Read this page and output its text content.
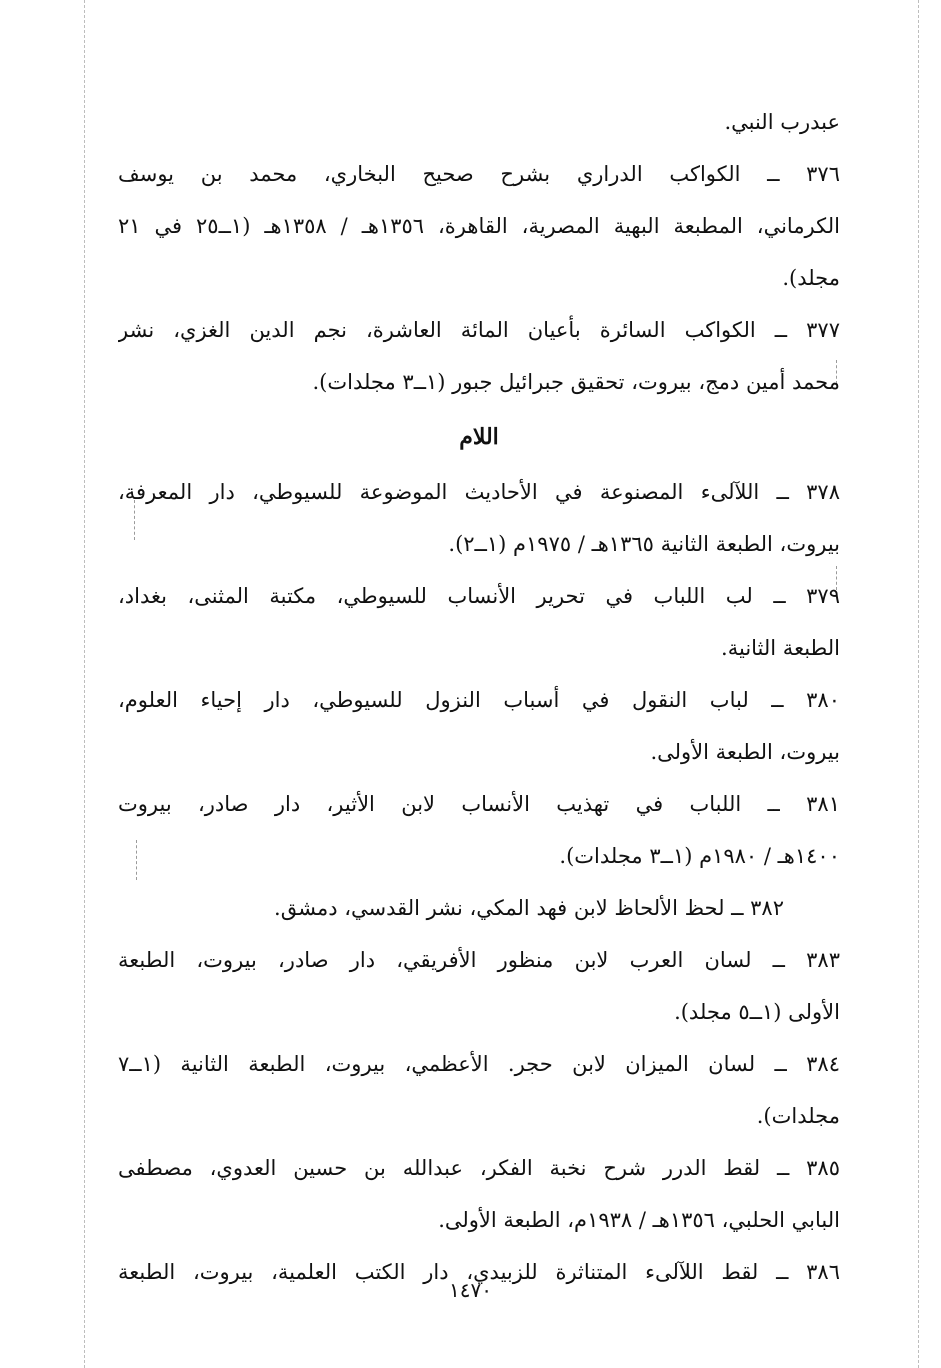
عبدرب النبي.
٣٧٦ ــ الكواكب الدراري بشرح صحيح البخاري، محمد بن يوسف
الكرماني، المطبعة البهية المصرية، القاهرة، ١٣٥٦هـ / ١٣٥٨هـ (١ــ٢٥ في ٢١
مجلد).
٣٧٧ ــ الكواكب السائرة بأعيان المائة العاشرة، نجم الدين الغزي، نشر
محمد أمين دمج، بيروت، تحقيق جبرائيل جبور (١ــ٣ مجلدات).
اللام
٣٧٨ ــ اللآلىء المصنوعة في الأحاديث الموضوعة للسيوطي، دار المعرفة،
بيروت، الطبعة الثانية ١٣٦٥هـ / ١٩٧٥م (١ــ٢).
٣٧٩ ــ لب اللباب في تحرير الأنساب للسيوطي، مكتبة المثنى، بغداد،
الطبعة الثانية.
٣٨٠ ــ لباب النقول في أسباب النزول للسيوطي، دار إحياء العلوم،
بيروت، الطبعة الأولى.
٣٨١ ــ اللباب في تهذيب الأنساب لابن الأثير، دار صادر، بيروت
١٤٠٠هـ / ١٩٨٠م (١ــ٣ مجلدات).
٣٨٢ ــ لحظ الألحاظ لابن فهد المكي، نشر القدسي، دمشق.
٣٨٣ ــ لسان العرب لابن منظور الأفريقي، دار صادر، بيروت، الطبعة
الأولى (١ــ٥ مجلد).
٣٨٤ ــ لسان الميزان لابن حجر. الأعظمي، بيروت، الطبعة الثانية (١ــ٧
مجلدات).
٣٨٥ ــ لقط الدرر شرح نخبة الفكر، عبدالله بن حسين العدوي، مصطفى
البابي الحلبي، ١٣٥٦هـ / ١٩٣٨م، الطبعة الأولى.
٣٨٦ ــ لقط اللآلىء المتناثرة للزبيدي، دار الكتب العلمية، بيروت، الطبعة
١٤٧٠
